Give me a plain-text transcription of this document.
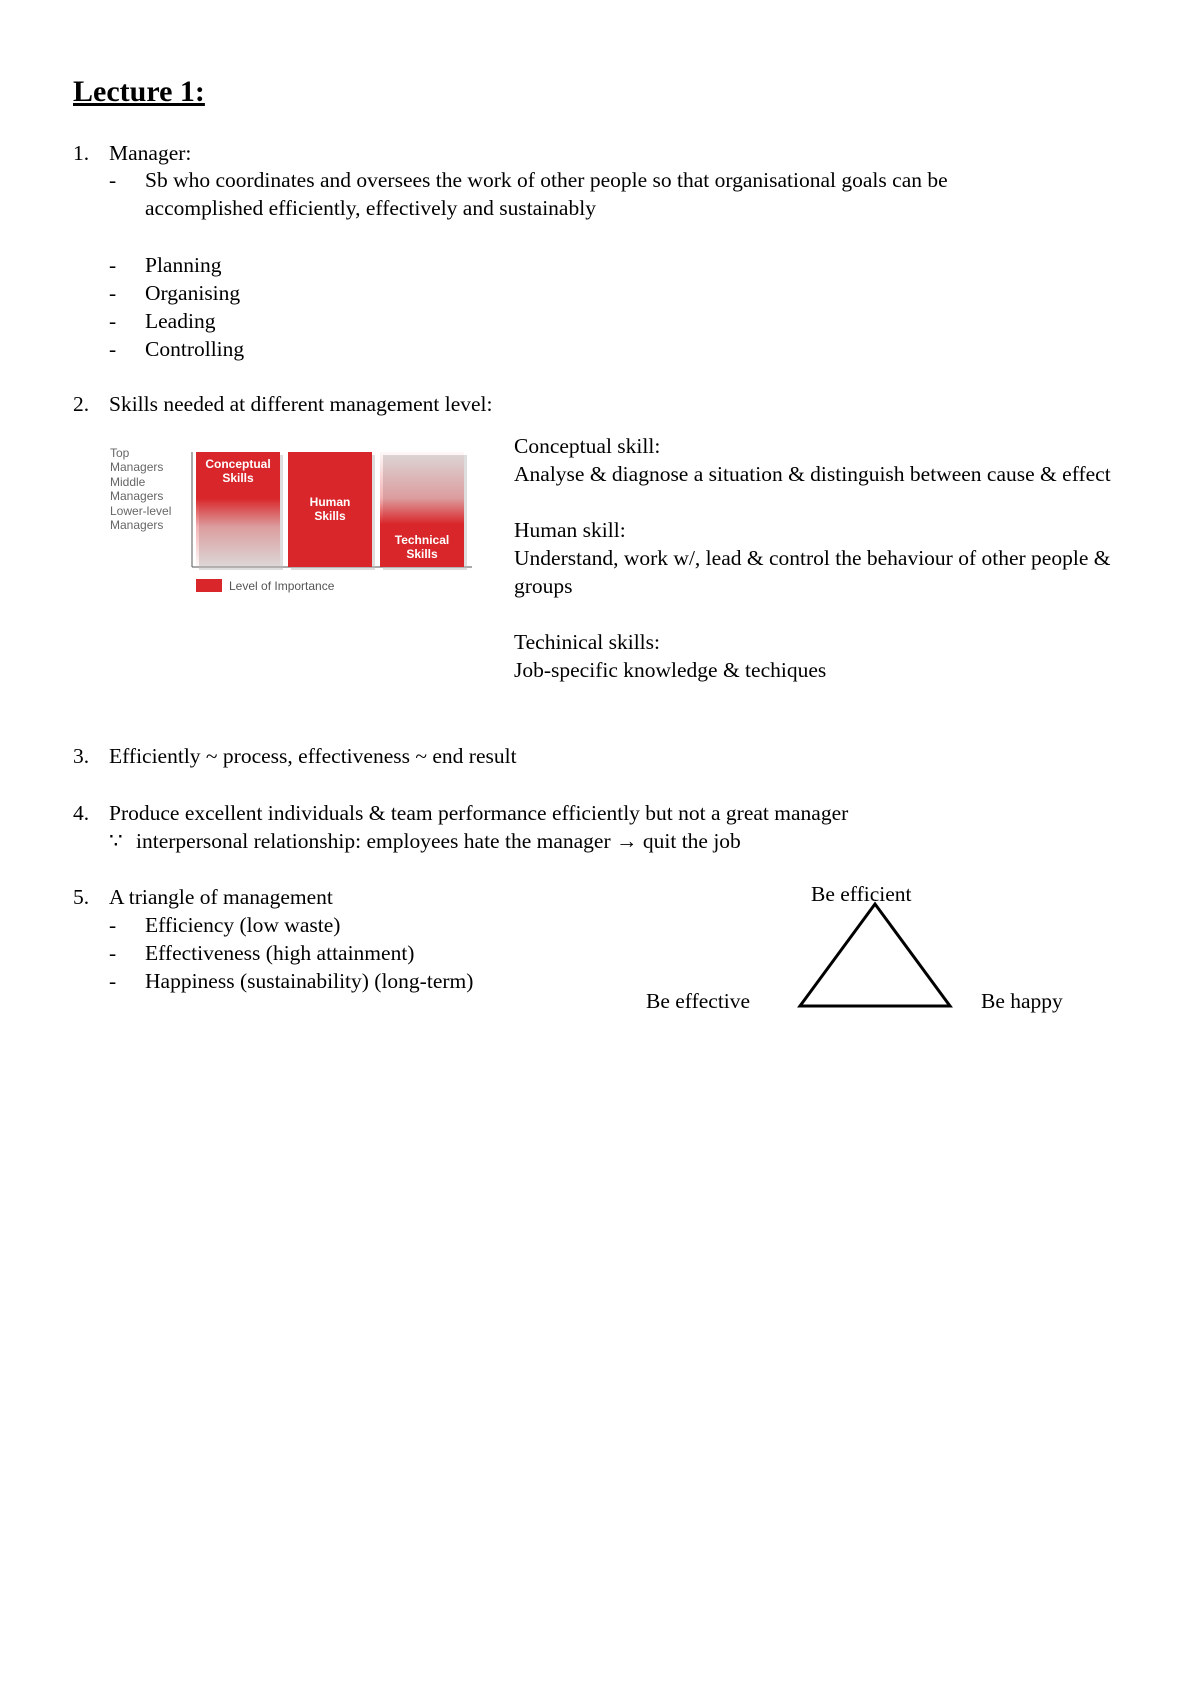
Lecture 1:
1. Manager:
- Sb who coordinates and oversees the work of other people so that organisational goals can be
accomplished efficiently, effectively and sustainably
- Planning
- Organising
- Leading
- Controlling
2. Skills needed at different management level:
Top
Managers
Middle
Managers
Lower-level
Managers
Conceptual
Skills
Human
Skills
Technical
Skills
Level of Importance
Conceptual skill:
Analyse & diagnose a situation & distinguish between cause & effect
Human skill:
Understand, work w/, lead & control the behaviour of other people &
groups
Techinical skills:
Job-specific knowledge & techiques
3. Efficiently ~ process, effectiveness ~ end result
4. Produce excellent individuals & team performance efficiently but not a great manager
∵ interpersonal relationship: employees hate the manager → quit the job
5. A triangle of management
- Efficiency (low waste)
- Effectiveness (high attainment)
- Happiness (sustainability) (long-term)
Be efficient
Be effective	Be happy
